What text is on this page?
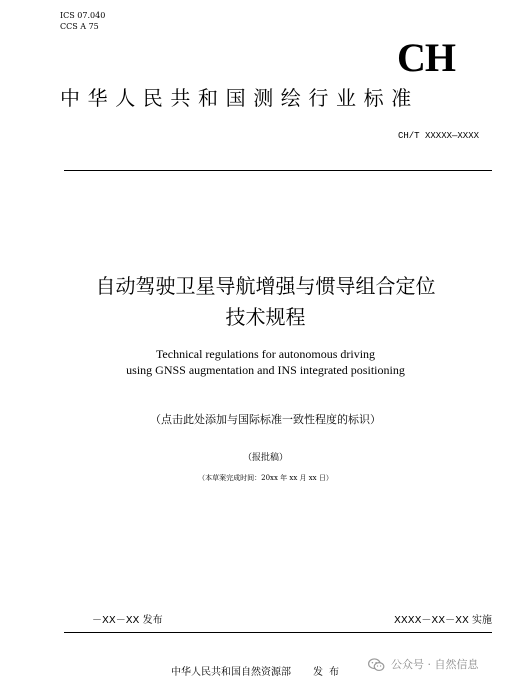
ICS 07.040
CCS A 75
CH
中华人民共和国测绘行业标准
CH/T XXXXX—XXXX
自动驾驶卫星导航增强与惯导组合定位
技术规程
Technical regulations for autonomous driving
using GNSS augmentation and INS integrated positioning
（点击此处添加与国际标准一致性程度的标识）
（报批稿）
（本草案完成时间：20xx 年 xx 月 xx 日）
－XX－XX 发布	XXXX－XX－XX 实施
中华人民共和国自然资源部 发布
公众号 · 自然信息
